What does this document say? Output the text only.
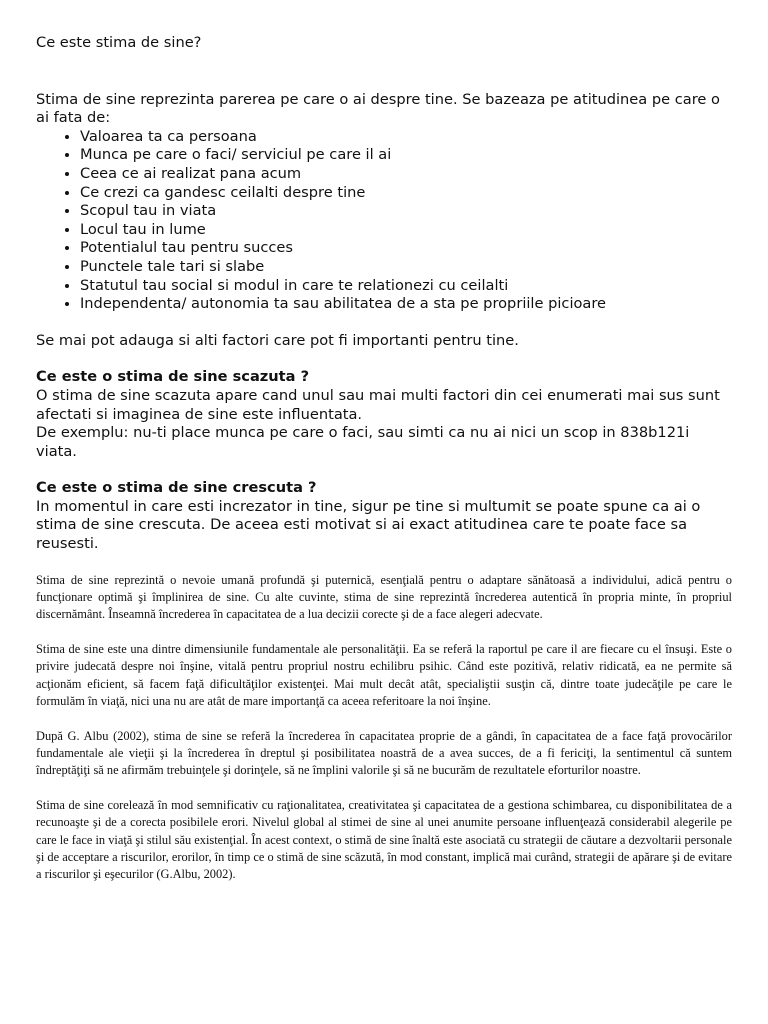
Ce este stima de sine?

Stima de sine reprezinta parerea pe care o ai despre tine. Se bazeaza pe atitudinea pe care o ai fata de:

• Valoarea ta ca persoana
• Munca pe care o faci/ serviciul pe care il ai
• Ceea ce ai realizat pana acum
• Ce crezi ca gandesc ceilalti despre tine
• Scopul tau in viata
• Locul tau in lume
• Potentialul tau pentru succes
• Punctele tale tari si slabe
• Statutul tau social si modul in care te relationezi cu ceilalti
• Independenta/ autonomia ta sau abilitatea de a sta pe propriile picioare

Se mai pot adauga si alti factori care pot fi importanti pentru tine.

Ce este o stima de sine scazuta ?

O stima de sine scazuta apare cand unul sau mai multi factori din cei enumerati mai sus sunt afectati si imaginea de sine este influentata.

De exemplu: nu-ti place munca pe care o faci, sau simti ca nu ai nici un scop in 838b121i viata.

Ce este o stima de sine crescuta ?

In momentul in care esti increzator in tine, sigur pe tine si multumit se poate spune ca ai o stima de sine crescuta. De aceea esti motivat si ai exact atitudinea care te poate face sa reusesti.

Stima de sine reprezintă o nevoie umană profundă şi puternică, esenţială pentru o adaptare sănătoasă a individului, adică pentru o funcţionare optimă şi împlinirea de sine. Cu alte cuvinte, stima de sine reprezintă încrederea autentică în propria minte, în propriul discernământ. Înseamnă încrederea în capacitatea de a lua decizii corecte şi de a face alegeri adecvate.

Stima de sine este una dintre dimensiunile fundamentale ale personalităţii. Ea se referă la raportul pe care il are fiecare cu el însuşi. Este o privire judecată despre noi înşine, vitală pentru propriul nostru echilibru psihic. Când este pozitivă, relativ ridicată, ea ne permite să acţionăm eficient, să facem faţă dificultăţilor existenţei. Mai mult decât atât, specialiştii susţin că, dintre toate judecăţile pe care le formulăm în viaţă, nici una nu are atât de mare importanţă ca aceea referitoare la noi înşine.

După G. Albu (2002), stima de sine se referă la încrederea în capacitatea proprie de a gândi, în capacitatea de a face faţă provocărilor fundamentale ale vieţii şi la încrederea în dreptul şi posibilitatea noastră de a avea succes, de a fi fericiţi, la sentimentul că suntem îndreptăţiţi să ne afirmăm trebuinţele şi dorinţele, să ne împlini valorile şi să ne bucurăm de rezultatele eforturilor noastre.

Stima de sine corelează în mod semnificativ cu raţionalitatea, creativitatea şi capacitatea de a gestiona schimbarea, cu disponibilitatea de a recunoaşte şi de a corecta posibilele erori. Nivelul global al stimei de sine al unei anumite persoane influenţează considerabil alegerile pe care le face in viaţă şi stilul său existenţial. În acest context, o stimă de sine înaltă este asociată cu strategii de căutare a dezvoltarii personale şi de acceptare a riscurilor, erorilor, în timp ce o stimă de sine scăzută, în mod constant, implică mai curând, strategii de apărare şi de evitare a riscurilor şi eşecurilor (G.Albu, 2002).
